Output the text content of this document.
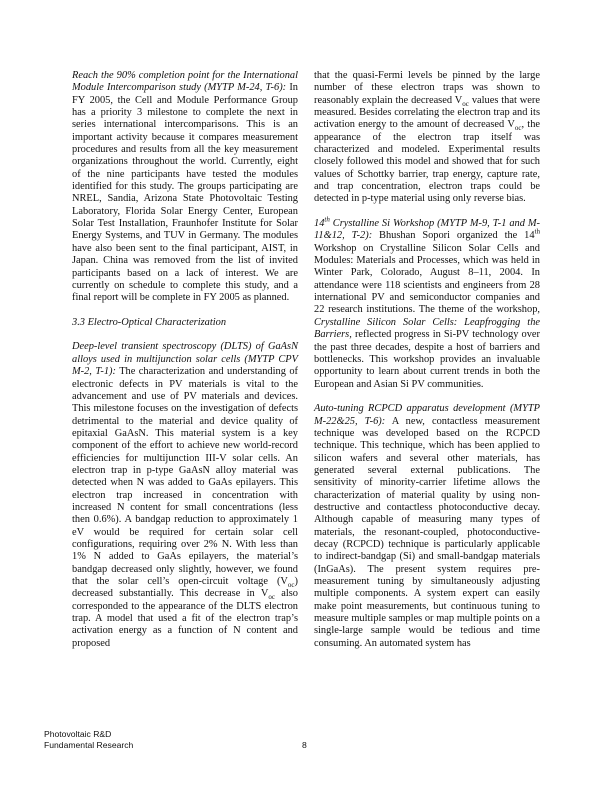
Reach the 90% completion point for the International Module Intercomparison study (MYTP M-24, T-6): In FY 2005, the Cell and Module Performance Group has a priority 3 milestone to complete the next in series international intercomparisons. This is an important activity because it compares measurement procedures and results from all the key measurement organizations throughout the world. Currently, eight of the nine participants have tested the modules identified for this study. The groups participating are NREL, Sandia, Arizona State Photovoltaic Testing Laboratory, Florida Solar Energy Center, European Solar Test Installation, Fraunhofer Institute for Solar Energy Systems, and TUV in Germany. The modules have also been sent to the final participant, AIST, in Japan. China was removed from the list of invited participants based on a lack of interest. We are currently on schedule to complete this study, and a final report will be complete in FY 2005 as planned.

3.3 Electro-Optical Characterization

Deep-level transient spectroscopy (DLTS) of GaAsN alloys used in multijunction solar cells (MYTP CPV M-2, T-1): The characterization and understanding of electronic defects in PV materials is vital to the advancement and use of PV materials and devices. This milestone focuses on the investigation of defects detrimental to the material and device quality of epitaxial GaAsN. This material system is a key component of the effort to achieve new world-record efficiencies for multijunction III-V solar cells. An electron trap in p-type GaAsN alloy material was detected when N was added to GaAs epilayers. This electron trap increased in concentration with increased N content for small concentrations (less then 0.6%). A bandgap reduction to approximately 1 eV would be required for certain solar cell configurations, requiring over 2% N. With less than 1% N added to GaAs epilayers, the material’s bandgap decreased only slightly, however, we found that the solar cell’s open-circuit voltage $(V_{oc})$ decreased substantially. This decrease in $V_{oc}$ also corresponded to the appearance of the DLTS electron trap. A model that used a fit of the electron trap’s activation energy as a function of N content and proposed

that the quasi-Fermi levels be pinned by the large number of these electron traps was shown to reasonably explain the decreased $V_{oc}$ values that were measured. Besides correlating the electron trap and its activation energy to the amount of decreased $V_{oc}$, the appearance of the electron trap itself was characterized and modeled. Experimental results closely followed this model and showed that for such values of Schottky barrier, trap energy, capture rate, and trap concentration, electron traps could be detected in p-type material using only reverse bias.

14th Crystalline Si Workshop (MYTP M-9, T-1 and M-11&12, T-2): Bhushan Sopori organized the 14th Workshop on Crystalline Silicon Solar Cells and Modules: Materials and Processes, which was held in Winter Park, Colorado, August 8–11, 2004. In attendance were 118 scientists and engineers from 28 international PV and semiconductor companies and 22 research institutions. The theme of the workshop, Crystalline Silicon Solar Cells: Leapfrogging the Barriers, reflected progress in Si-PV technology over the past three decades, despite a host of barriers and bottlenecks. This workshop provides an invaluable opportunity to learn about current trends in both the European and Asian Si PV communities.

Auto-tuning RCPCD apparatus development (MYTP M-22&25, T-6): A new, contactless measurement technique was developed based on the RCPCD technique. This technique, which has been applied to silicon wafers and several other materials, has generated several external publications. The sensitivity of minority-carrier lifetime allows the characterization of material quality by using non-destructive and contactless photoconductive decay. Although capable of measuring many types of materials, the resonant-coupled, photoconductive-decay (RCPCD) technique is particularly applicable to indirect-bandgap (Si) and small-bandgap materials (InGaAs). The present system requires pre-measurement tuning by simultaneously adjusting multiple components. A system expert can easily make point measurements, but continuous tuning to measure multiple samples or map multiple points on a single-large sample would be tedious and time consuming. An automated system has

Photovoltaic R&D
Fundamental Research	8
